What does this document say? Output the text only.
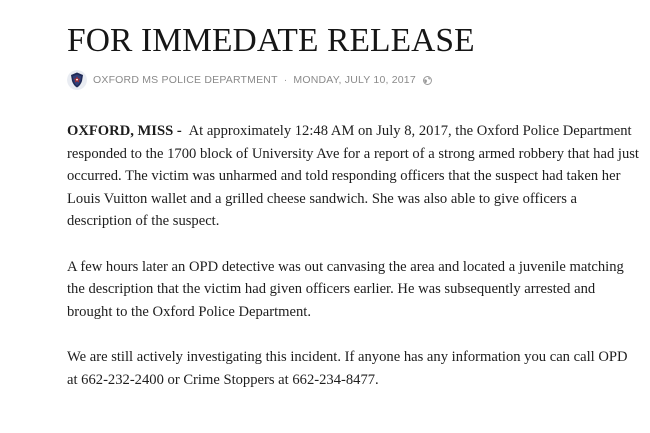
FOR IMMEDATE RELEASE
OXFORD MS POLICE DEPARTMENT · MONDAY, JULY 10, 2017

OXFORD, MISS - At approximately 12:48 AM on July 8, 2017, the Oxford Police Department responded to the 1700 block of University Ave for a report of a strong armed robbery that had just occurred. The victim was unharmed and told responding officers that the suspect had taken her Louis Vuitton wallet and a grilled cheese sandwich. She was also able to give officers a description of the suspect.

A few hours later an OPD detective was out canvasing the area and located a juvenile matching the description that the victim had given officers earlier. He was subsequently arrested and brought to the Oxford Police Department.

We are still actively investigating this incident. If anyone has any information you can call OPD at 662-232-2400 or Crime Stoppers at 662-234-8477.
